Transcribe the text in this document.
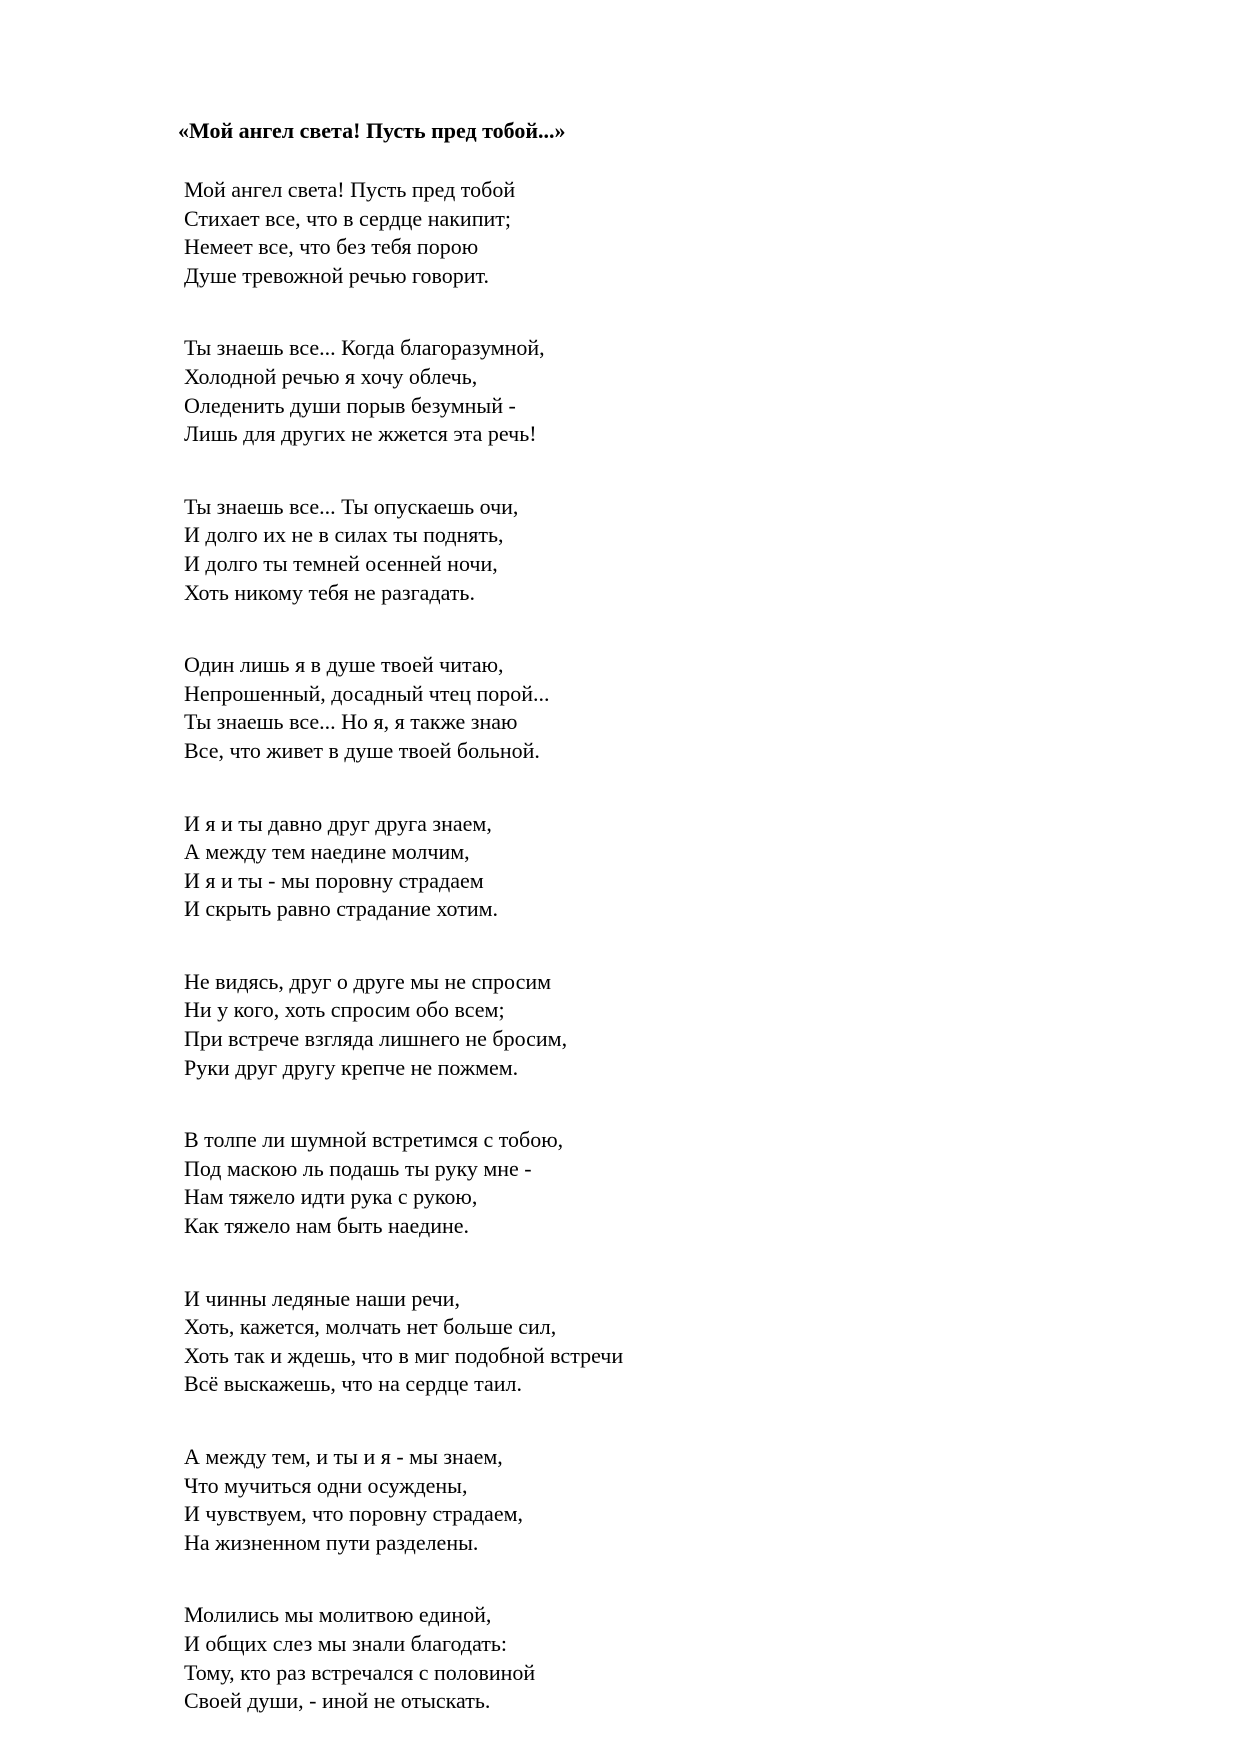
«Мой ангел света! Пусть пред тобой...»
Мой ангел света! Пусть пред тобой
Стихает все, что в сердце накипит;
Немеет все, что без тебя порою
Душе тревожной речью говорит.
Ты знаешь все... Когда благоразумной,
Холодной речью я хочу облечь,
Оледенить души порыв безумный -
Лишь для других не жжется эта речь!
Ты знаешь все... Ты опускаешь очи,
И долго их не в силах ты поднять,
И долго ты темней осенней ночи,
Хоть никому тебя не разгадать.
Один лишь я в душе твоей читаю,
Непрошенный, досадный чтец порой...
Ты знаешь все... Но я, я также знаю
Все, что живет в душе твоей больной.
И я и ты давно друг друга знаем,
А между тем наедине молчим,
И я и ты - мы поровну страдаем
И скрыть равно страдание хотим.
Не видясь, друг о друге мы не спросим
Ни у кого, хоть спросим обо всем;
При встрече взгляда лишнего не бросим,
Руки друг другу крепче не пожмем.
В толпе ли шумной встретимся с тобою,
Под маскою ль подашь ты руку мне -
Нам тяжело идти рука с рукою,
Как тяжело нам быть наедине.
И чинны ледяные наши речи,
Хоть, кажется, молчать нет больше сил,
Хоть так и ждешь, что в миг подобной встречи
Всё выскажешь, что на сердце таил.
А между тем, и ты и я - мы знаем,
Что мучиться одни осуждены,
И чувствуем, что поровну страдаем,
На жизненном пути разделены.
Молились мы молитвою единой,
И общих слез мы знали благодать:
Тому, кто раз встречался с половиной
Своей души, - иной не отыскать.
